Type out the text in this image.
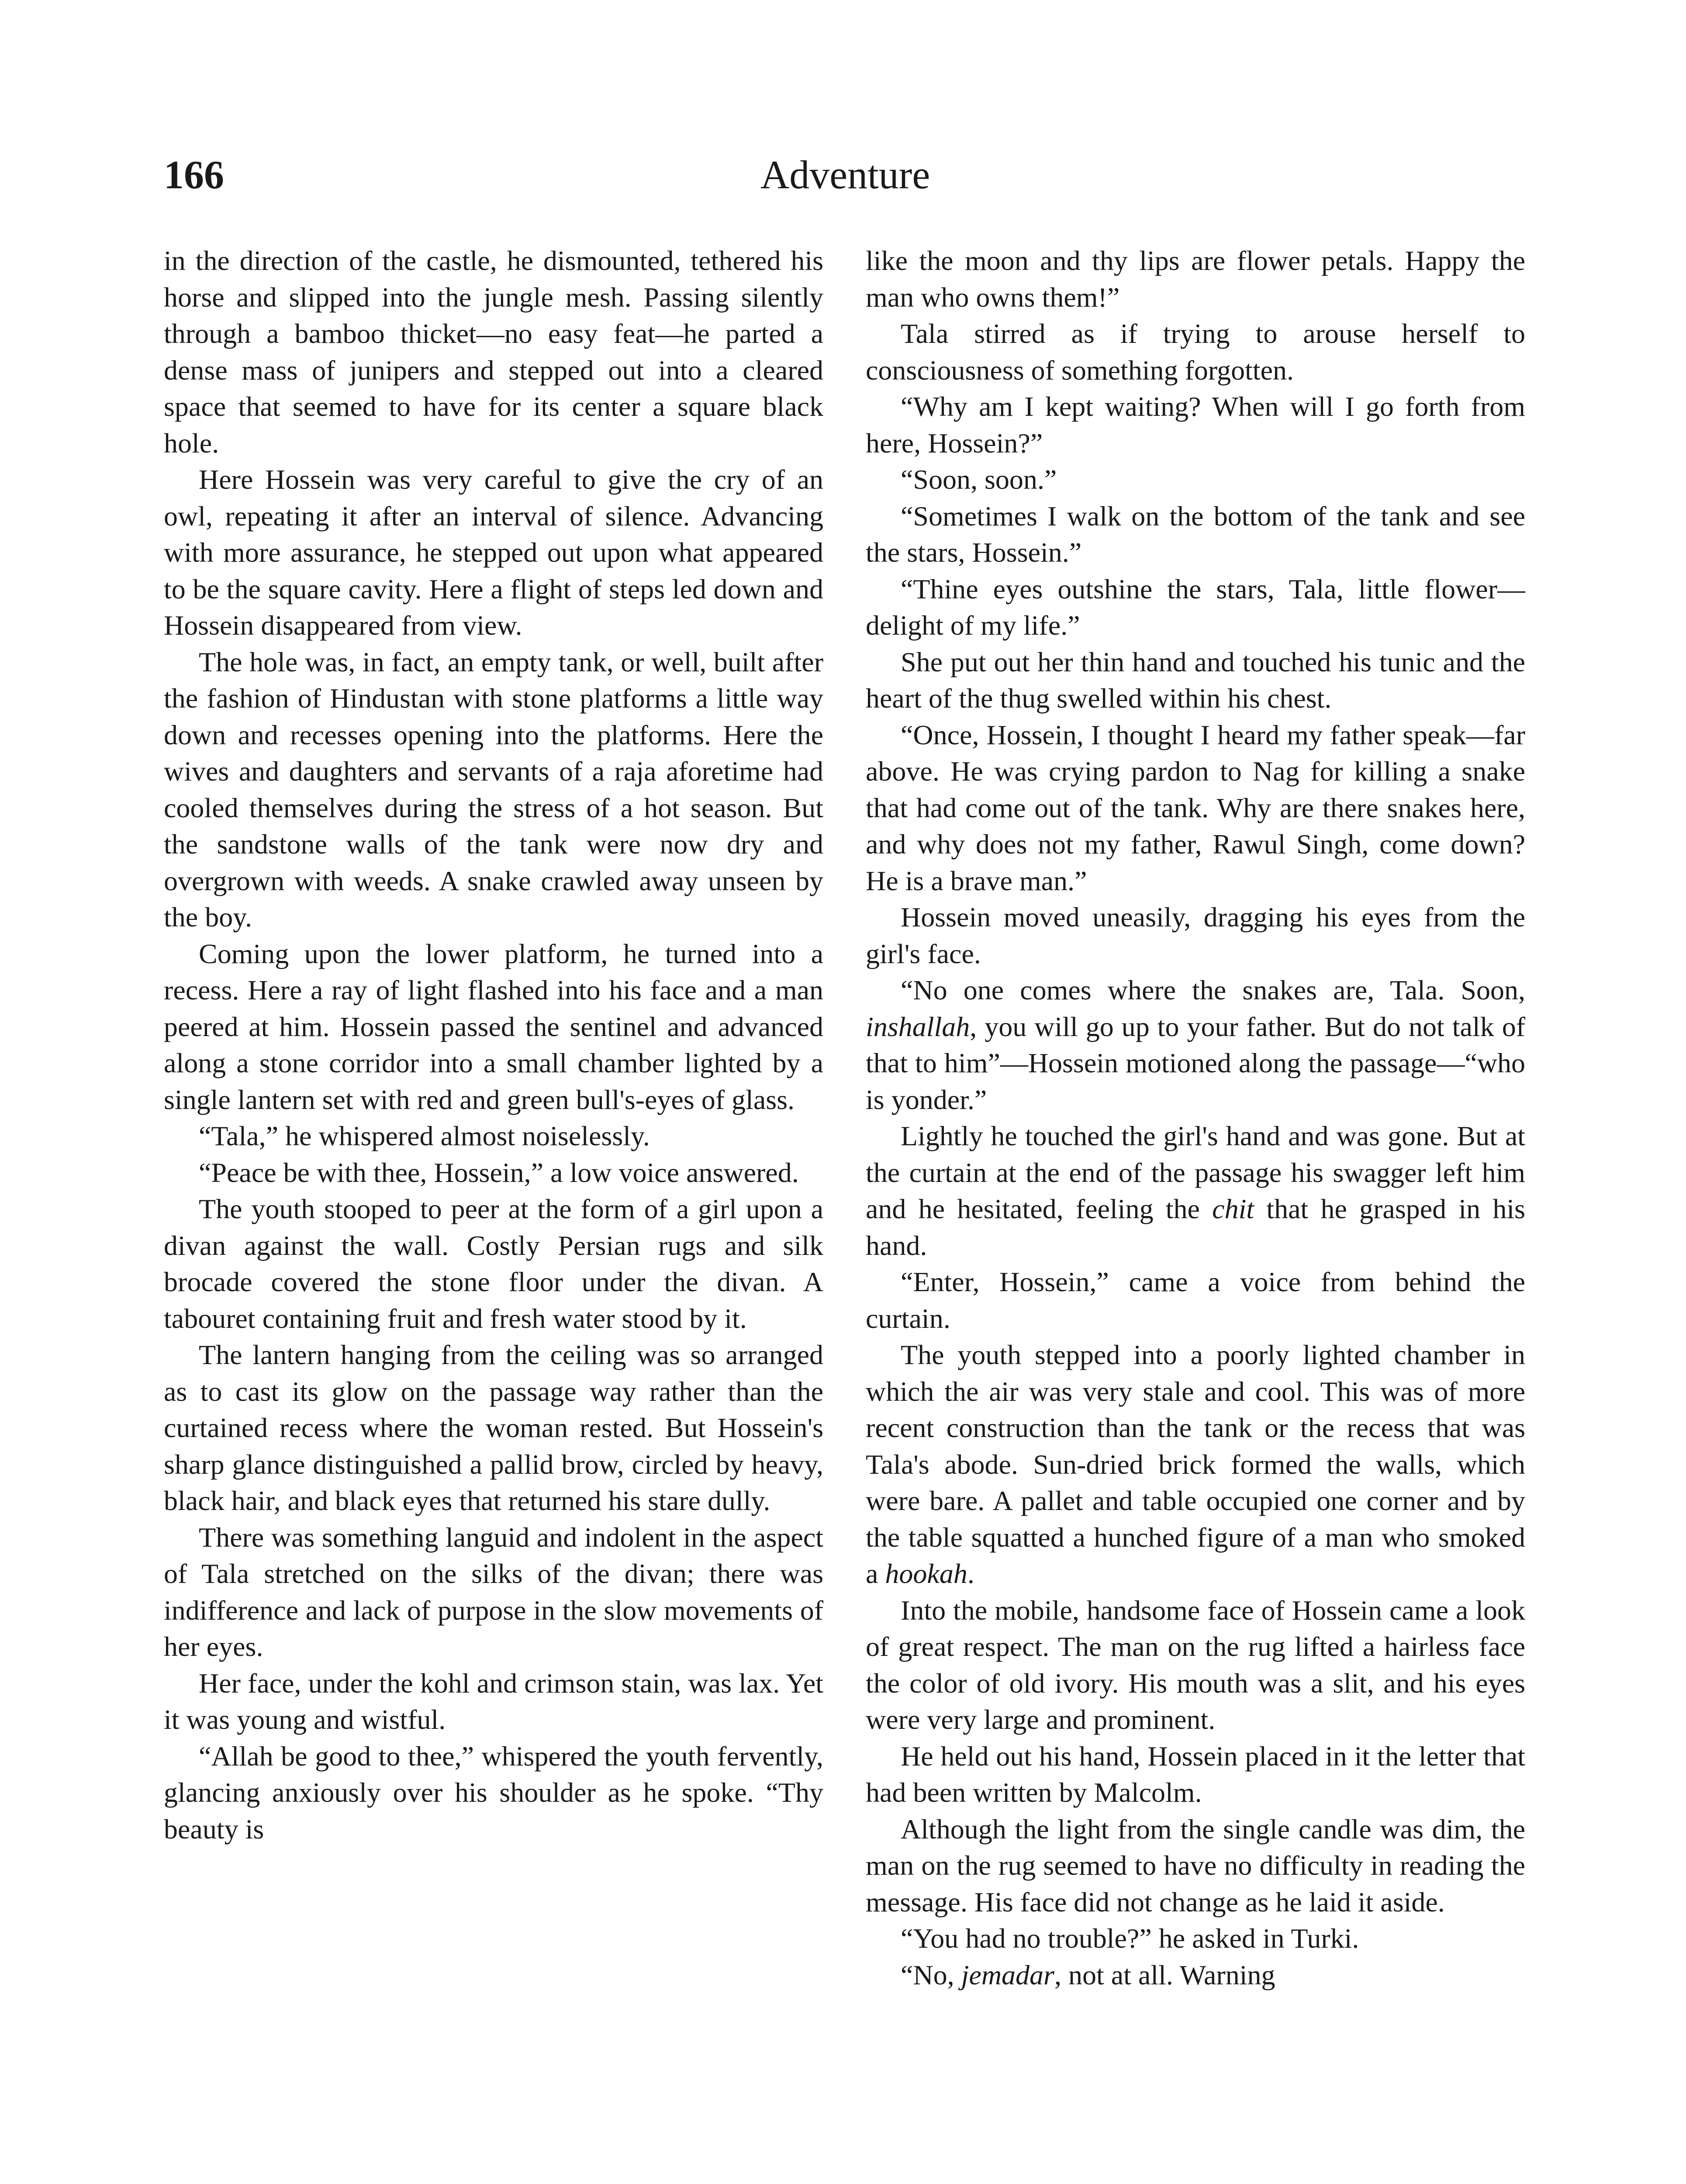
166	Adventure

in the direction of the castle, he dismounted, tethered his horse and slipped into the jungle mesh. Passing silently through a bamboo thicket—no easy feat—he parted a dense mass of junipers and stepped out into a cleared space that seemed to have for its center a square black hole.

Here Hossein was very careful to give the cry of an owl, repeating it after an interval of silence. Advancing with more assurance, he stepped out upon what appeared to be the square cavity. Here a flight of steps led down and Hossein disappeared from view.

The hole was, in fact, an empty tank, or well, built after the fashion of Hindustan with stone platforms a little way down and recesses opening into the platforms. Here the wives and daughters and servants of a raja aforetime had cooled themselves during the stress of a hot season. But the sandstone walls of the tank were now dry and overgrown with weeds. A snake crawled away unseen by the boy.

Coming upon the lower platform, he turned into a recess. Here a ray of light flashed into his face and a man peered at him. Hossein passed the sentinel and advanced along a stone corridor into a small chamber lighted by a single lantern set with red and green bull's-eyes of glass.

“Tala,” he whispered almost noiselessly.

“Peace be with thee, Hossein,” a low voice answered.

The youth stooped to peer at the form of a girl upon a divan against the wall. Costly Persian rugs and silk brocade covered the stone floor under the divan. A tabouret containing fruit and fresh water stood by it.

The lantern hanging from the ceiling was so arranged as to cast its glow on the passage way rather than the curtained recess where the woman rested. But Hossein's sharp glance distinguished a pallid brow, circled by heavy, black hair, and black eyes that returned his stare dully.

There was something languid and indolent in the aspect of Tala stretched on the silks of the divan; there was indifference and lack of purpose in the slow movements of her eyes.

Her face, under the kohl and crimson stain, was lax. Yet it was young and wistful.

“Allah be good to thee,” whispered the youth fervently, glancing anxiously over his shoulder as he spoke. “Thy beauty is

like the moon and thy lips are flower petals. Happy the man who owns them!”

Tala stirred as if trying to arouse herself to consciousness of something forgotten.

“Why am I kept waiting? When will I go forth from here, Hossein?”

“Soon, soon.”

“Sometimes I walk on the bottom of the tank and see the stars, Hossein.”

“Thine eyes outshine the stars, Tala, little flower—delight of my life.”

She put out her thin hand and touched his tunic and the heart of the thug swelled within his chest.

“Once, Hossein, I thought I heard my father speak—far above. He was crying pardon to Nag for killing a snake that had come out of the tank. Why are there snakes here, and why does not my father, Rawul Singh, come down? He is a brave man.”

Hossein moved uneasily, dragging his eyes from the girl's face.

“No one comes where the snakes are, Tala. Soon, inshallah, you will go up to your father. But do not talk of that to him”—Hossein motioned along the passage—“who is yonder.”

Lightly he touched the girl's hand and was gone. But at the curtain at the end of the passage his swagger left him and he hesitated, feeling the chit that he grasped in his hand.

“Enter, Hossein,” came a voice from behind the curtain.

The youth stepped into a poorly lighted chamber in which the air was very stale and cool. This was of more recent construction than the tank or the recess that was Tala's abode. Sun-dried brick formed the walls, which were bare. A pallet and table occupied one corner and by the table squatted a hunched figure of a man who smoked a hookah.

Into the mobile, handsome face of Hossein came a look of great respect. The man on the rug lifted a hairless face the color of old ivory. His mouth was a slit, and his eyes were very large and prominent.

He held out his hand, Hossein placed in it the letter that had been written by Malcolm.

Although the light from the single candle was dim, the man on the rug seemed to have no difficulty in reading the message. His face did not change as he laid it aside.

“You had no trouble?” he asked in Turki.

“No, jemadar, not at all. Warning
